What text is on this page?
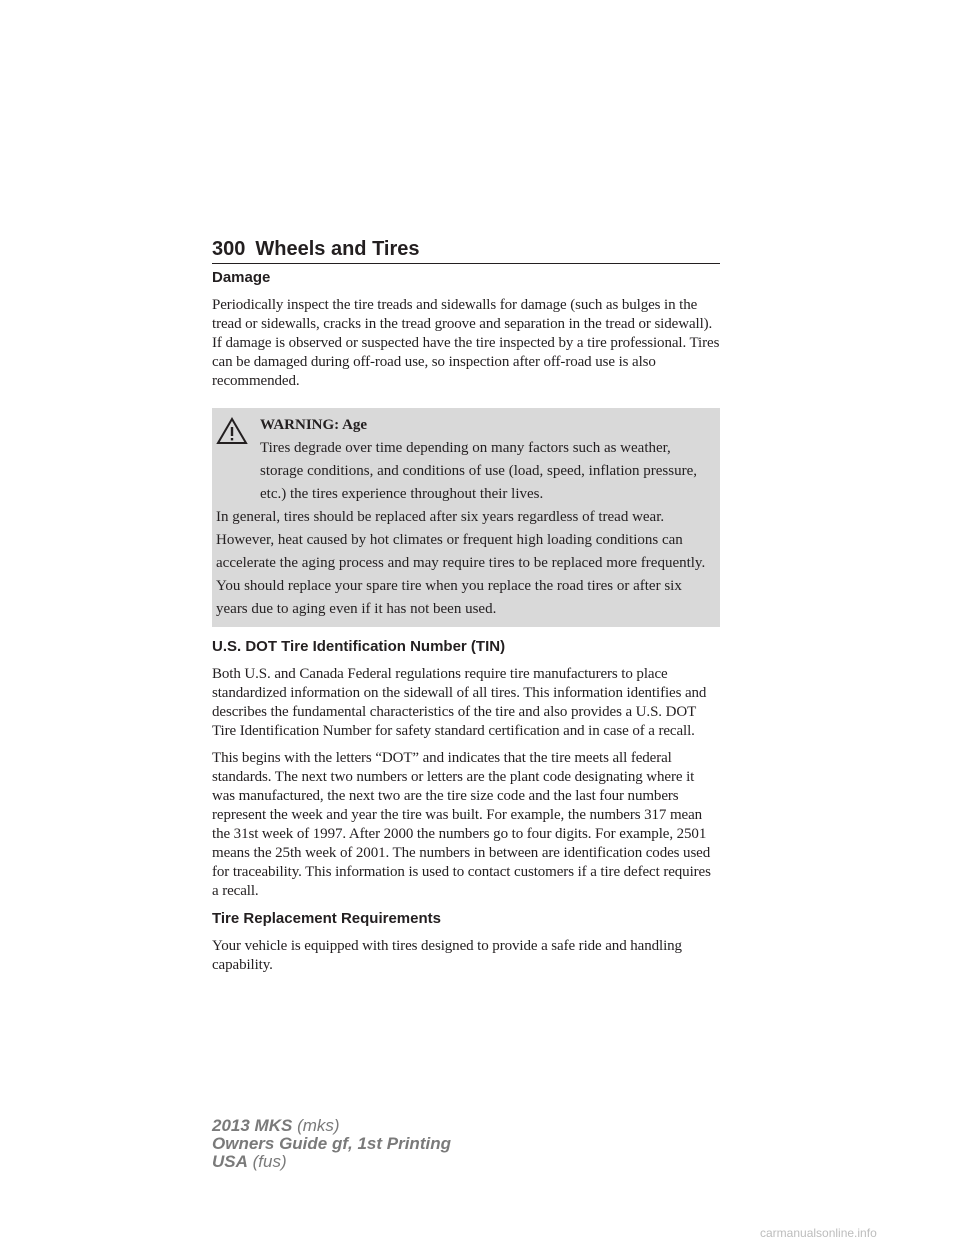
300 Wheels and Tires
Damage

Periodically inspect the tire treads and sidewalls for damage (such as bulges in the tread or sidewalls, cracks in the tread groove and separation in the tread or sidewall). If damage is observed or suspected have the tire inspected by a tire professional. Tires can be damaged during off-road use, so inspection after off-road use is also recommended.

WARNING: Age
Tires degrade over time depending on many factors such as weather, storage conditions, and conditions of use (load, speed, inflation pressure, etc.) the tires experience throughout their lives.
In general, tires should be replaced after six years regardless of tread wear. However, heat caused by hot climates or frequent high loading conditions can accelerate the aging process and may require tires to be replaced more frequently.
You should replace your spare tire when you replace the road tires or after six years due to aging even if it has not been used.
U.S. DOT Tire Identification Number (TIN)

Both U.S. and Canada Federal regulations require tire manufacturers to place standardized information on the sidewall of all tires. This information identifies and describes the fundamental characteristics of the tire and also provides a U.S. DOT Tire Identification Number for safety standard certification and in case of a recall.

This begins with the letters “DOT” and indicates that the tire meets all federal standards. The next two numbers or letters are the plant code designating where it was manufactured, the next two are the tire size code and the last four numbers represent the week and year the tire was built. For example, the numbers 317 mean the 31st week of 1997. After 2000 the numbers go to four digits. For example, 2501 means the 25th week of 2001. The numbers in between are identification codes used for traceability. This information is used to contact customers if a tire defect requires a recall.

Tire Replacement Requirements

Your vehicle is equipped with tires designed to provide a safe ride and handling capability.

2013 MKS (mks)
Owners Guide gf, 1st Printing
USA (fus)
carmanualsonline.info
